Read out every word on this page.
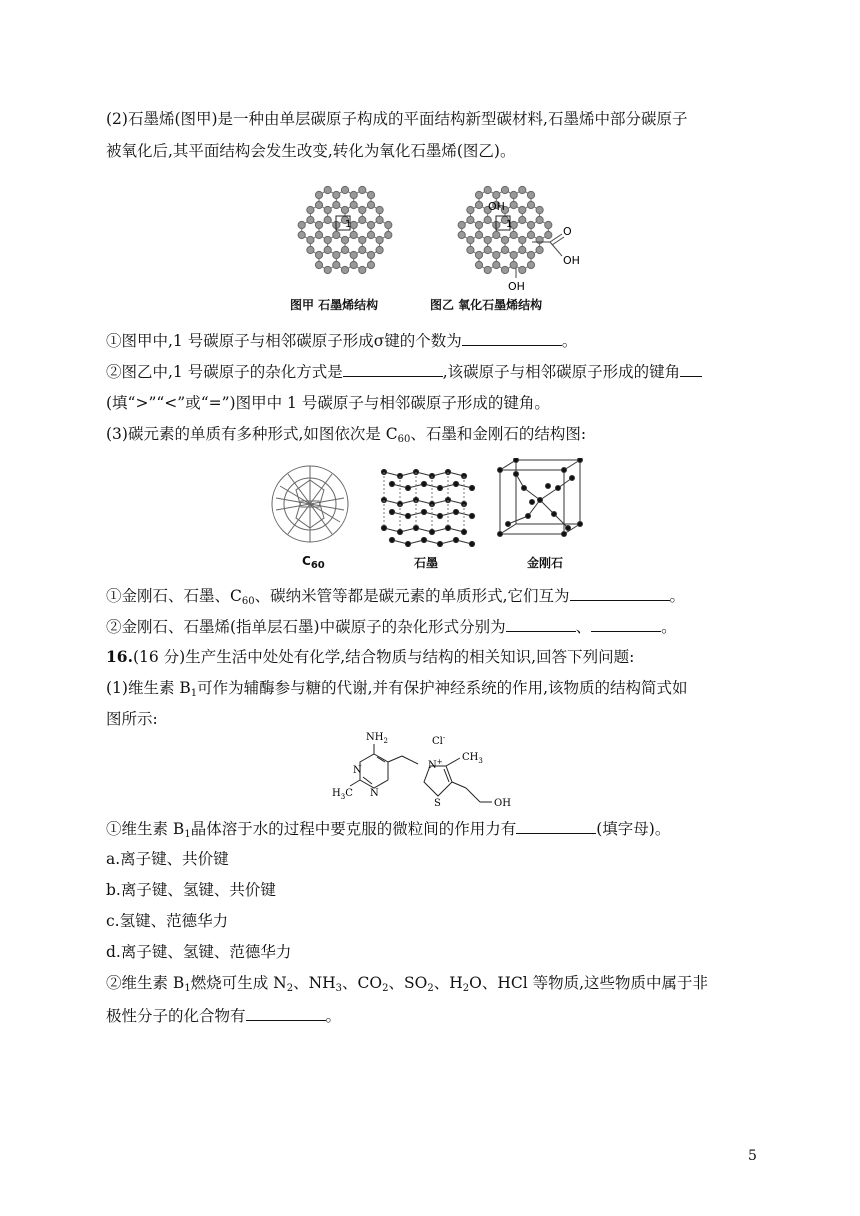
(2)石墨烯(图甲)是一种由单层碳原子构成的平面结构新型碳材料,石墨烯中部分碳原子
被氧化后,其平面结构会发生改变,转化为氧化石墨烯(图乙)。
1	1
OH
O
OH
OH
图甲 石墨烯结构	图乙 氧化石墨烯结构
①图甲中,1 号碳原子与相邻碳原子形成σ键的个数为	。
②图乙中,1 号碳原子的杂化方式是	,该碳原子与相邻碳原子形成的键角
(填“>”“<”或“=”)图甲中 1 号碳原子与相邻碳原子形成的键角。
(3)碳元素的单质有多种形式,如图依次是 $C_{60}$、石墨和金刚石的结构图:
$C_{60}$	石墨	金刚石
①金刚石、石墨、$C_{60}$、碳纳米管等都是碳元素的单质形式,它们互为	。
②金刚石、石墨烯(指单层石墨)中碳原子的杂化形式分别为	、	。
16.(16 分)生产生活中处处有化学,结合物质与结构的相关知识,回答下列问题:
(1)维生素 $B_1$可作为辅酶参与糖的代谢,并有保护神经系统的作用,该物质的结构简式如
图所示:
$NH_2$
N
N
$H_3C$
Cl-
N+
S
$CH_3$
OH
①维生素 $B_1$晶体溶于水的过程中要克服的微粒间的作用力有	(填字母)。
a.离子键、共价键
b.离子键、氢键、共价键
c.氢键、范德华力
d.离子键、氢键、范德华力
②维生素 $B_1$燃烧可生成 $N_2$、$NH_3$、$CO_2$、$SO_2$、$H_2O$、HCl 等物质,这些物质中属于非
极性分子的化合物有	。
5
